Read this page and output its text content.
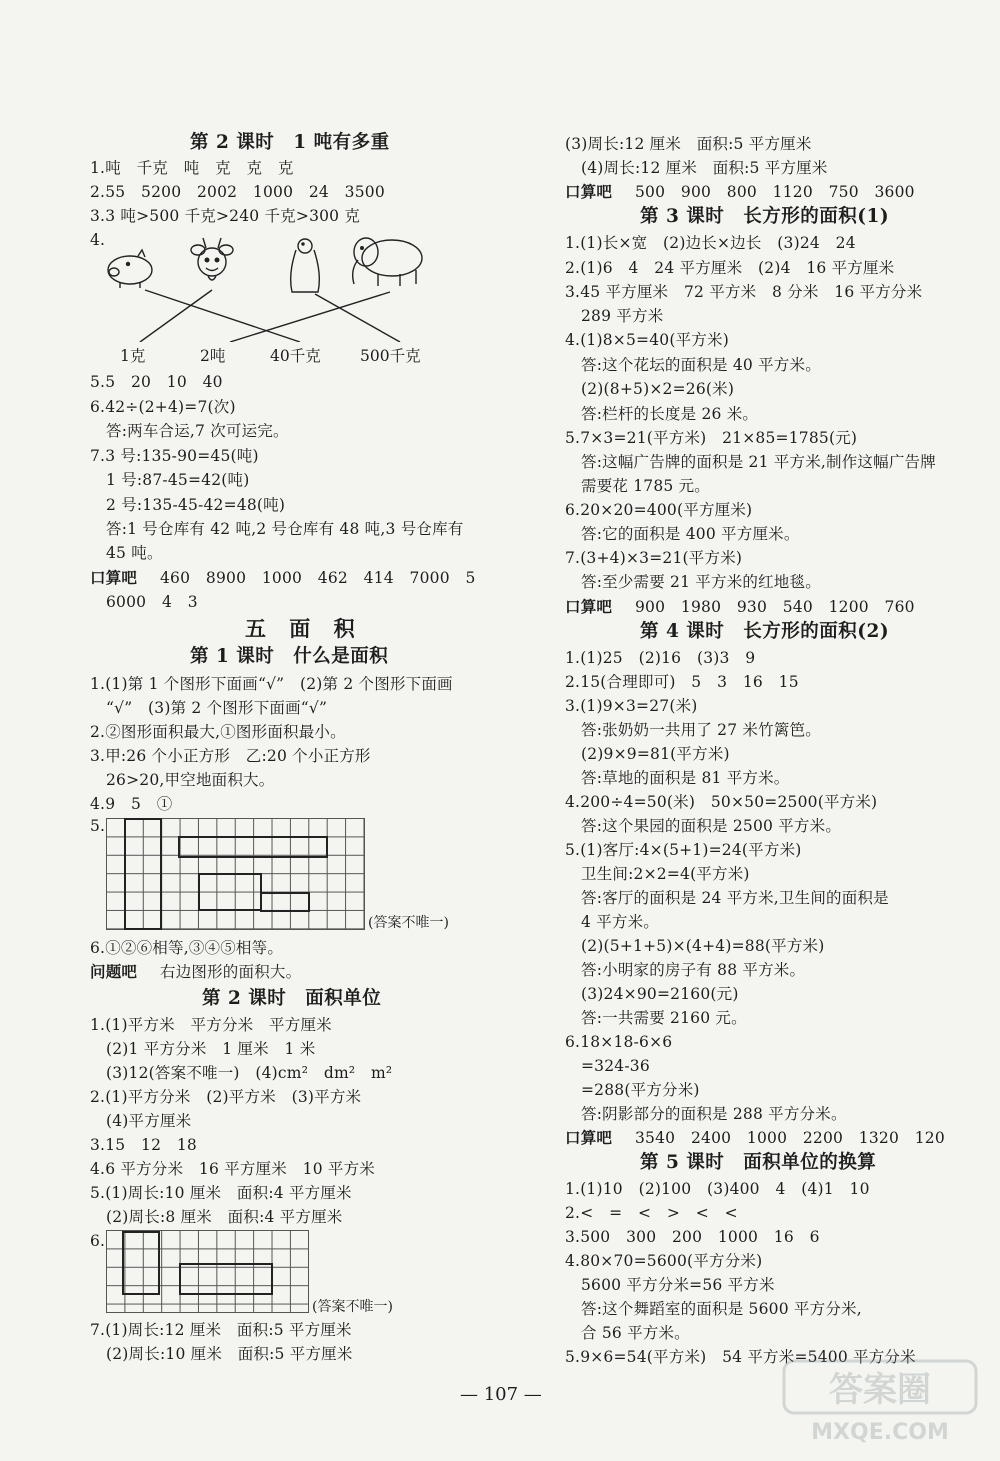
第 2 课时　1 吨有多重
1.吨　千克　吨　克　克　克
2.55　5200　2002　1000　24　3500
3.3 吨>500 千克>240 千克>300 克
4.
1克	2吨	40千克	500千克
5.5　20　10　40
6.42÷(2+4)=7(次)
答:两车合运,7 次可运完。
7.3 号:135-90=45(吨)
1 号:87-45=42(吨)
2 号:135-45-42=48(吨)
答:1 号仓库有 42 吨,2 号仓库有 48 吨,3 号仓库有
45 吨。
口算吧 460　8900　1000　462　414　7000　5
6000　4　3
五 面 积
第 1 课时　什么是面积
1.(1)第 1 个图形下面画“√”　(2)第 2 个图形下面画
“√”　(3)第 2 个图形下面画“√”
2.②图形面积最大,①图形面积最小。
3.甲:26 个小正方形　乙:20 个小正方形
26>20,甲空地面积大。
4.9　5　①
5.
(答案不唯一)
6.①②⑥相等,③④⑤相等。
问题吧 右边图形的面积大。
第 2 课时　面积单位
1.(1)平方米　平方分米　平方厘米
(2)1 平方分米　1 厘米　1 米
(3)12(答案不唯一)　(4)cm²　dm²　m²
2.(1)平方分米　(2)平方米　(3)平方米
(4)平方厘米
3.15　12　18
4.6 平方分米　16 平方厘米　10 平方米
5.(1)周长:10 厘米　面积:4 平方厘米
(2)周长:8 厘米　面积:4 平方厘米
6.
(答案不唯一)
7.(1)周长:12 厘米　面积:5 平方厘米
(2)周长:10 厘米　面积:5 平方厘米
(3)周长:12 厘米　面积:5 平方厘米
(4)周长:12 厘米　面积:5 平方厘米
口算吧 500　900　800　1120　750　3600
第 3 课时　长方形的面积(1)
1.(1)长×宽　(2)边长×边长　(3)24　24
2.(1)6　4　24 平方厘米　(2)4　16 平方厘米
3.45 平方厘米　72 平方米　8 分米　16 平方分米
289 平方米
4.(1)8×5=40(平方米)
答:这个花坛的面积是 40 平方米。
(2)(8+5)×2=26(米)
答:栏杆的长度是 26 米。
5.7×3=21(平方米)　21×85=1785(元)
答:这幅广告牌的面积是 21 平方米,制作这幅广告牌
需要花 1785 元。
6.20×20=400(平方厘米)
答:它的面积是 400 平方厘米。
7.(3+4)×3=21(平方米)
答:至少需要 21 平方米的红地毯。
口算吧 900　1980　930　540　1200　760
第 4 课时　长方形的面积(2)
1.(1)25　(2)16　(3)3　9
2.15(合理即可)　5　3　16　15
3.(1)9×3=27(米)
答:张奶奶一共用了 27 米竹篱笆。
(2)9×9=81(平方米)
答:草地的面积是 81 平方米。
4.200÷4=50(米)　50×50=2500(平方米)
答:这个果园的面积是 2500 平方米。
5.(1)客厅:4×(5+1)=24(平方米)
卫生间:2×2=4(平方米)
答:客厅的面积是 24 平方米,卫生间的面积是
4 平方米。
(2)(5+1+5)×(4+4)=88(平方米)
答:小明家的房子有 88 平方米。
(3)24×90=2160(元)
答:一共需要 2160 元。
6.18×18-6×6
=324-36
=288(平方分米)
答:阴影部分的面积是 288 平方分米。
口算吧 3540　2400　1000　2200　1320　120
第 5 课时　面积单位的换算
1.(1)10　(2)100　(3)400　4　(4)1　10
2.<　=　<　>　<　<
3.500　300　200　1000　16　6
4.80×70=5600(平方分米)
5600 平方分米=56 平方米
答:这个舞蹈室的面积是 5600 平方分米,
合 56 平方米。
5.9×6=54(平方米)　54 平方米=5400 平方分米
— 107 —	答案圈
MXQE.COM
